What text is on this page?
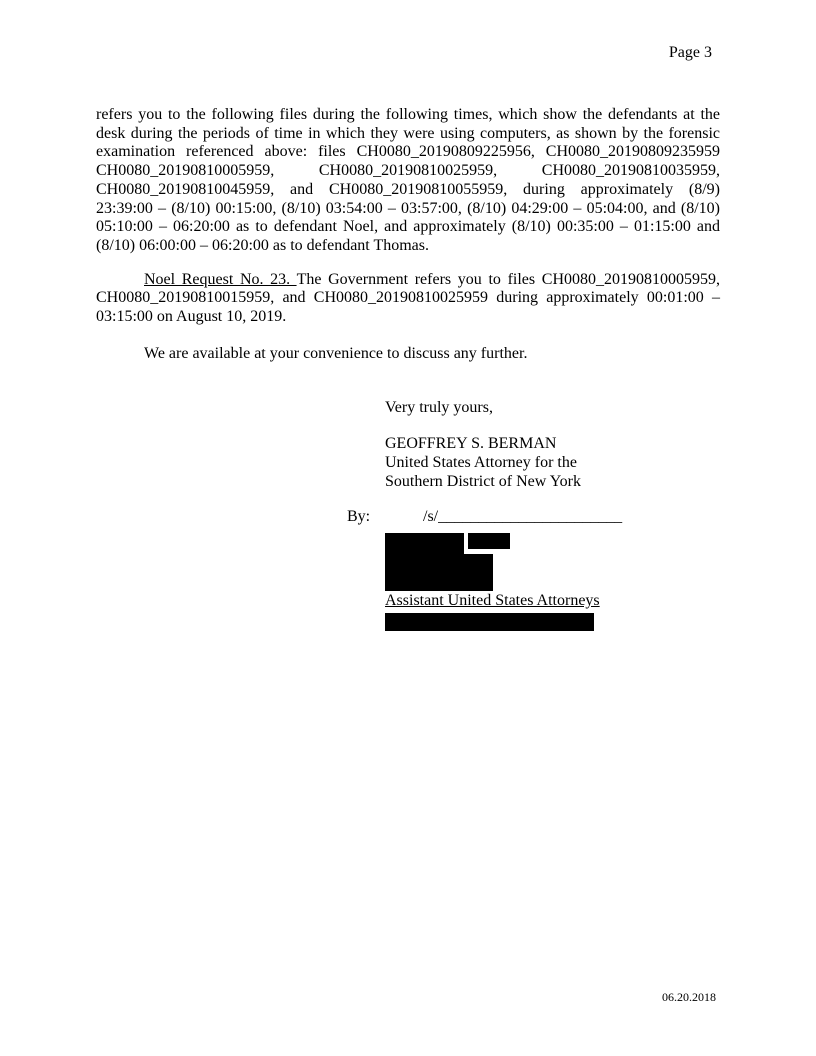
Page 3

refers you to the following files during the following times, which show the defendants at the desk during the periods of time in which they were using computers, as shown by the forensic examination referenced above: files CH0080_20190809225956, CH0080_20190809235959 CH0080_20190810005959, CH0080_20190810025959, CH0080_20190810035959, CH0080_20190810045959, and CH0080_20190810055959, during approximately (8/9) 23:39:00 – (8/10) 00:15:00, (8/10) 03:54:00 – 03:57:00, (8/10) 04:29:00 – 05:04:00, and (8/10) 05:10:00 – 06:20:00 as to defendant Noel, and approximately (8/10) 00:35:00 – 01:15:00 and (8/10) 06:00:00 – 06:20:00 as to defendant Thomas.

Noel Request No. 23. The Government refers you to files CH0080_20190810005959, CH0080_20190810015959, and CH0080_20190810025959 during approximately 00:01:00 – 03:15:00 on August 10, 2019.

We are available at your convenience to discuss any further.

Very truly yours,

GEOFFREY S. BERMAN

United States Attorney for the

Southern District of New York

By:	/s/_______________________

Assistant United States Attorneys

06.20.2018
